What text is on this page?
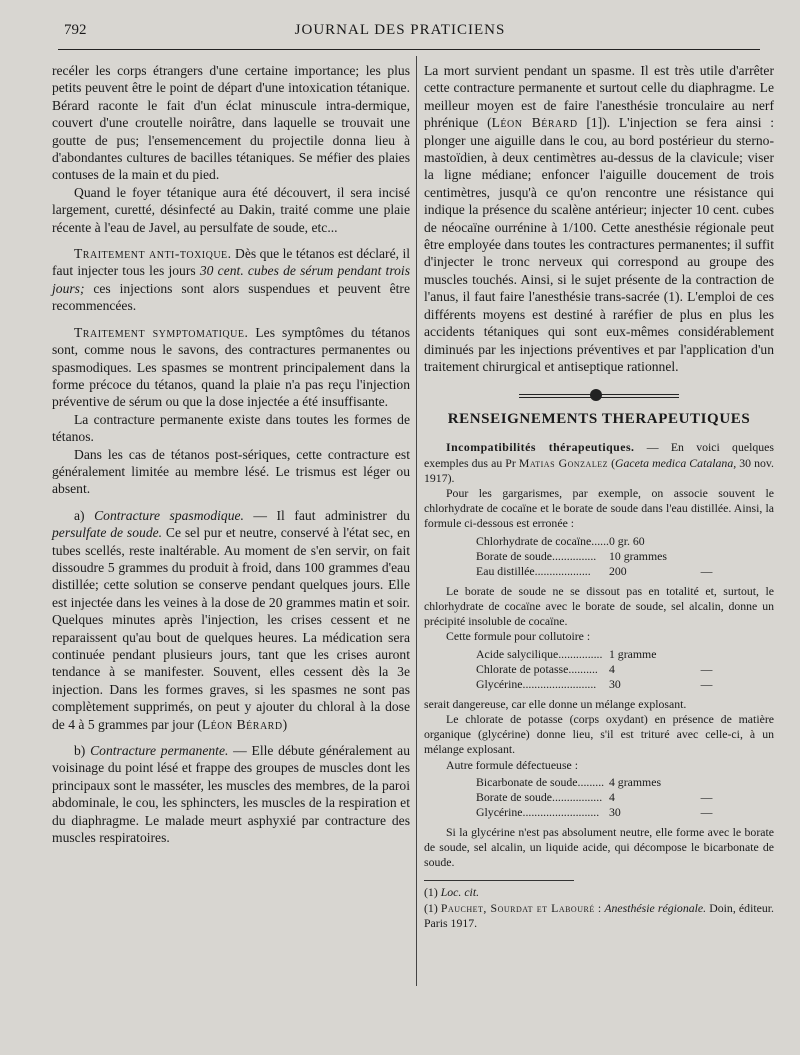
792	JOURNAL DES PRATICIENS

recéler les corps étrangers d'une certaine importance; les plus petits peuvent être le point de départ d'une intoxication tétanique. Bérard raconte le fait d'un éclat minuscule intra-dermique, couvert d'une croutelle noirâtre, dans laquelle se trouvait une goutte de pus; l'ensemencement du projectile donna lieu à d'abondantes cultures de bacilles tétaniques. Se méfier des plaies contuses de la main et du pied.

Quand le foyer tétanique aura été découvert, il sera incisé largement, curetté, désinfecté au Dakin, traité comme une plaie récente à l'eau de Javel, au persulfate de soude, etc...

Traitement anti-toxique. Dès que le tétanos est déclaré, il faut injecter tous les jours 30 cent. cubes de sérum pendant trois jours; ces injections sont alors suspendues et peuvent être recommencées.

Traitement symptomatique. Les symptômes du tétanos sont, comme nous le savons, des contractures permanentes ou spasmodiques. Les spasmes se montrent principalement dans la forme précoce du tétanos, quand la plaie n'a pas reçu l'injection préventive de sérum ou que la dose injectée a été insuffisante.

La contracture permanente existe dans toutes les formes de tétanos.

Dans les cas de tétanos post-sériques, cette contracture est généralement limitée au membre lésé. Le trismus est léger ou absent.

a) Contracture spasmodique. — Il faut administrer du persulfate de soude. Ce sel pur et neutre, conservé à l'état sec, en tubes scellés, reste inaltérable. Au moment de s'en servir, on fait dissoudre 5 grammes du produit à froid, dans 100 grammes d'eau distillée; cette solution se conserve pendant quelques jours. Elle est injectée dans les veines à la dose de 20 grammes matin et soir. Quelques minutes après l'injection, les crises cessent et ne reparaissent qu'au bout de quelques heures. La médication sera continuée pendant plusieurs jours, tant que les crises auront tendance à se manifester. Souvent, elles cessent dès la 3e injection. Dans les formes graves, si les spasmes ne sont pas complètement supprimés, on peut y ajouter du chloral à la dose de 4 à 5 grammes par jour (Léon Bérard)

b) Contracture permanente. — Elle débute généralement au voisinage du point lésé et frappe des groupes de muscles dont les principaux sont le masséter, les muscles des membres, de la paroi abdominale, le cou, les sphincters, les muscles de la respiration et du diaphragme. Le malade meurt asphyxié par contracture des muscles respiratoires.

La mort survient pendant un spasme. Il est très utile d'arrêter cette contracture permanente et surtout celle du diaphragme. Le meilleur moyen est de faire l'anesthésie tronculaire au nerf phrénique (Léon Bérard [1]). L'injection se fera ainsi : plonger une aiguille dans le cou, au bord postérieur du sterno-mastoïdien, à deux centimètres au-dessus de la clavicule; viser la ligne médiane; enfoncer l'aiguille doucement de trois centimètres, jusqu'à ce qu'on rencontre une résistance qui indique la présence du scalène antérieur; injecter 10 cent. cubes de néocaïne ourrénine à 1/100. Cette anesthésie régionale peut être employée dans toutes les contractures permanentes; il suffit d'injecter le tronc nerveux qui correspond au groupe des muscles touchés. Ainsi, si le sujet présente de la contraction de l'anus, il faut faire l'anesthésie trans-sacrée (1). L'emploi de ces différents moyens est destiné à raréfier de plus en plus les accidents tétaniques qui sont eux-mêmes considérablement diminués par les injections préventives et par l'application d'un traitement chirurgical et antiseptique rationnel.

RENSEIGNEMENTS THERAPEUTIQUES

Incompatibilités thérapeutiques. — En voici quelques exemples dus au Pr Matias Gonzalez (Gaceta medica Catalana, 30 nov. 1917).

Pour les gargarismes, par exemple, on associe souvent le chlorhydrate de cocaïne et le borate de soude dans l'eau distillée. Ainsi, la formule ci-dessous est erronée :

Chlorhydrate de cocaïne...... 0 gr. 60
Borate de soude...............	10 grammes
Eau distillée...................	200	—

Le borate de soude ne se dissout pas en totalité et, surtout, le chlorhydrate de cocaïne avec le borate de soude, sel alcalin, donne un précipité insoluble de cocaïne.

Cette formule pour collutoire :

Acide salycilique............... 1 gramme
Chlorate de potasse.......... 4	—
Glycérine.........................	30	—

serait dangereuse, car elle donne un mélange explosant.

Le chlorate de potasse (corps oxydant) en présence de matière organique (glycérine) donne lieu, s'il est trituré avec celle-ci, à un mélange explosant.

Autre formule défectueuse :

Bicarbonate de soude......... 4 grammes
Borate de soude................. 4	—
Glycérine.......................... 30	—

Si la glycérine n'est pas absolument neutre, elle forme avec le borate de soude, sel alcalin, un liquide acide, qui décompose le bicarbonate de soude.

(1) Loc. cit.

(1) Pauchet, Sourdat et Labouré : Anesthésie régionale. Doin, éditeur. Paris 1917.
